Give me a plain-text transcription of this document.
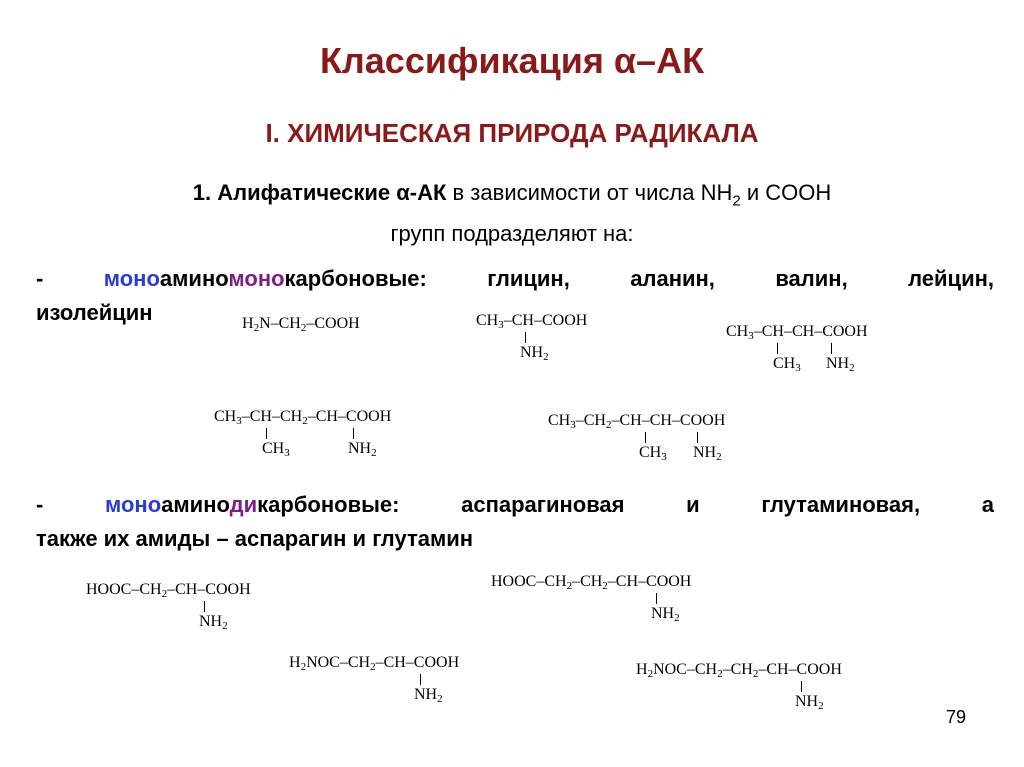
Классификация α–АК
I. ХИМИЧЕСКАЯ ПРИРОДА РАДИКАЛА
1. Алифатические α-АК в зависимости от числа $NH_2$ и COOH
групп подразделяют на:
- моноаминомонокарбоновые: глицин, аланин, валин, лейцин,
изолейцин	$H_2N-CH_2$–COOH	$CH_3-CH$–COOH
$NH_2$
$CH_3-CH-CH$–COOH
$CH_3$ $NH_2$
$CH_3-CH-CH_2-CH$–COOH
$CH_3$	$NH_2$
$CH_3-CH_2-CH-CH$–COOH
$CH_3$ $NH_2$
- моноаминодикарбоновые: аспарагиновая и глутаминовая, а
также их амиды – аспарагин и глутамин
HOOC–$CH_2-CH$–COOH
$NH_2$
HOOC–$CH_2-CH_2-CH$–COOH
$NH_2$
$H_2NOC-CH_2-CH$–COOH
$NH_2$
$H_2NOC-CH_2-CH_2-CH$–COOH
$NH_2$
79
